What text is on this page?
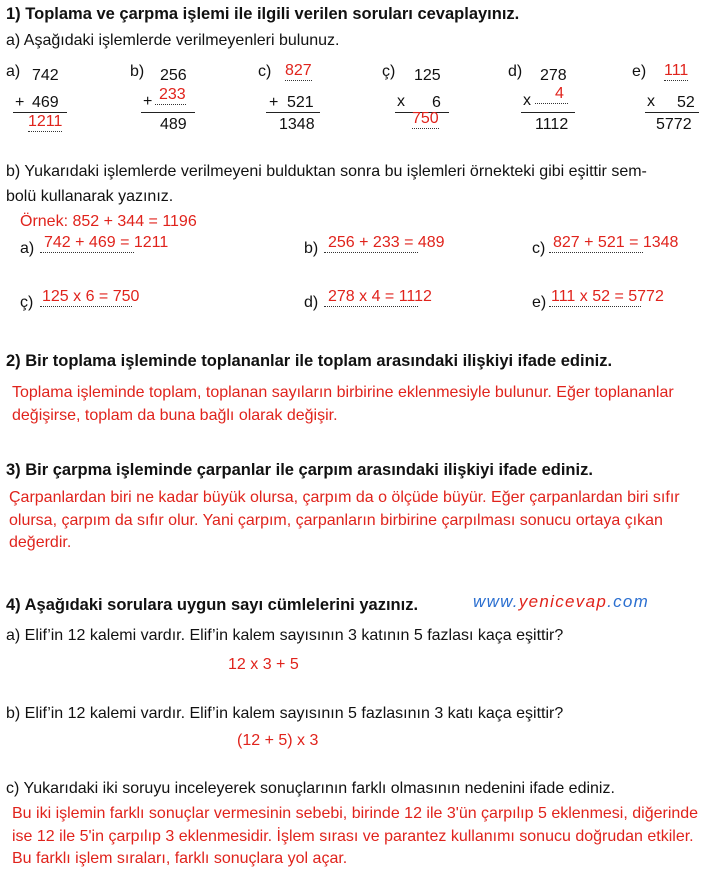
1) Toplama ve çarpma işlemi ile ilgili verilen soruları cevaplayınız.
a) Aşağıdaki işlemlerde verilmeyenleri bulunuz.
a) 742
+ 469
1211
b) 256
+ 233
489
c) 827
+ 521
1348
ç) 125
x 6
750
d) 278
x	4
1112
e) 111
x 52
5772
b) Yukarıdaki işlemlerde verilmeyeni bulduktan sonra bu işlemleri örnekteki gibi eşittir sem-
bolü kullanarak yazınız.
Örnek: 852 + 344 = 1196
a) 742 + 469 = 1211	b) 256 + 233 = 489	c) 827 + 521 = 1348
ç) 125 x 6 = 750	d) 278 x 4 = 1112	e) 111 x 52 = 5772
2) Bir toplama işleminde toplananlar ile toplam arasındaki ilişkiyi ifade ediniz.
Toplama işleminde toplam, toplanan sayıların birbirine eklenmesiyle bulunur. Eğer toplananlar değişirse, toplam da buna bağlı olarak değişir.
3) Bir çarpma işleminde çarpanlar ile çarpım arasındaki ilişkiyi ifade ediniz.
Çarpanlardan biri ne kadar büyük olursa, çarpım da o ölçüde büyür. Eğer çarpanlardan biri sıfır olursa, çarpım da sıfır olur. Yani çarpım, çarpanların birbirine çarpılması sonucu ortaya çıkan değerdir.
4) Aşağıdaki sorulara uygun sayı cümlelerini yazınız.	www.yenicevap.com
a) Elif’in 12 kalemi vardır. Elif’in kalem sayısının 3 katının 5 fazlası kaça eşittir?
12 x 3 + 5
b) Elif’in 12 kalemi vardır. Elif’in kalem sayısının 5 fazlasının 3 katı kaça eşittir?
(12 + 5) x 3
c) Yukarıdaki iki soruyu inceleyerek sonuçlarının farklı olmasının nedenini ifade ediniz.
Bu iki işlemin farklı sonuçlar vermesinin sebebi, birinde 12 ile 3'ün çarpılıp 5 eklenmesi, diğerinde ise 12 ile 5'in çarpılıp 3 eklenmesidir. İşlem sırası ve parantez kullanımı sonucu doğrudan etkiler. Bu farklı işlem sıraları, farklı sonuçlara yol açar.
